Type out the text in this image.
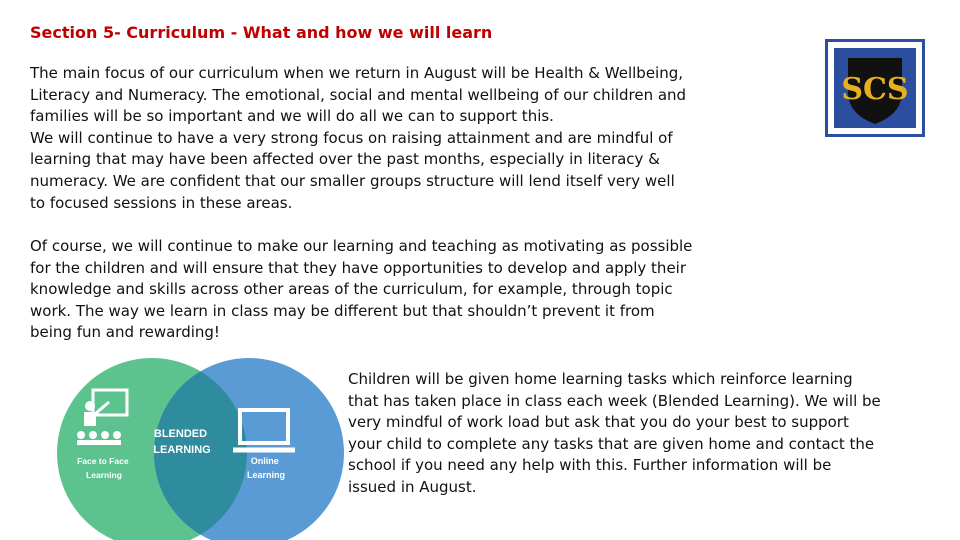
Section 5- Curriculum - What and how we will learn
The main focus of our curriculum when we return in August will be Health & Wellbeing,
Literacy and Numeracy. The emotional, social and mental wellbeing of our children and
families will be so important and we will do all we can to support this.
We will continue to have a very strong focus on raising attainment and are mindful of
learning that may have been affected over the past months, especially in literacy &
numeracy. We are confident that our smaller groups structure will lend itself very well
to focused sessions in these areas.
Of course, we will continue to make our learning and teaching as motivating as possible
for the children and will ensure that they have opportunities to develop and apply their
knowledge and skills across other areas of the curriculum, for example, through topic
work. The way we learn in class may be different but that shouldn’t prevent it from
being fun and rewarding!
Children will be given home learning tasks which reinforce learning
that has taken place in class each week (Blended Learning). We will be
very mindful of work load but ask that you do your best to support
your child to complete any tasks that are given home and contact the
school if you need any help with this. Further information will be
issued in August.
SCS
Face to Face Learning
BLENDED LEARNING
Online Learning
